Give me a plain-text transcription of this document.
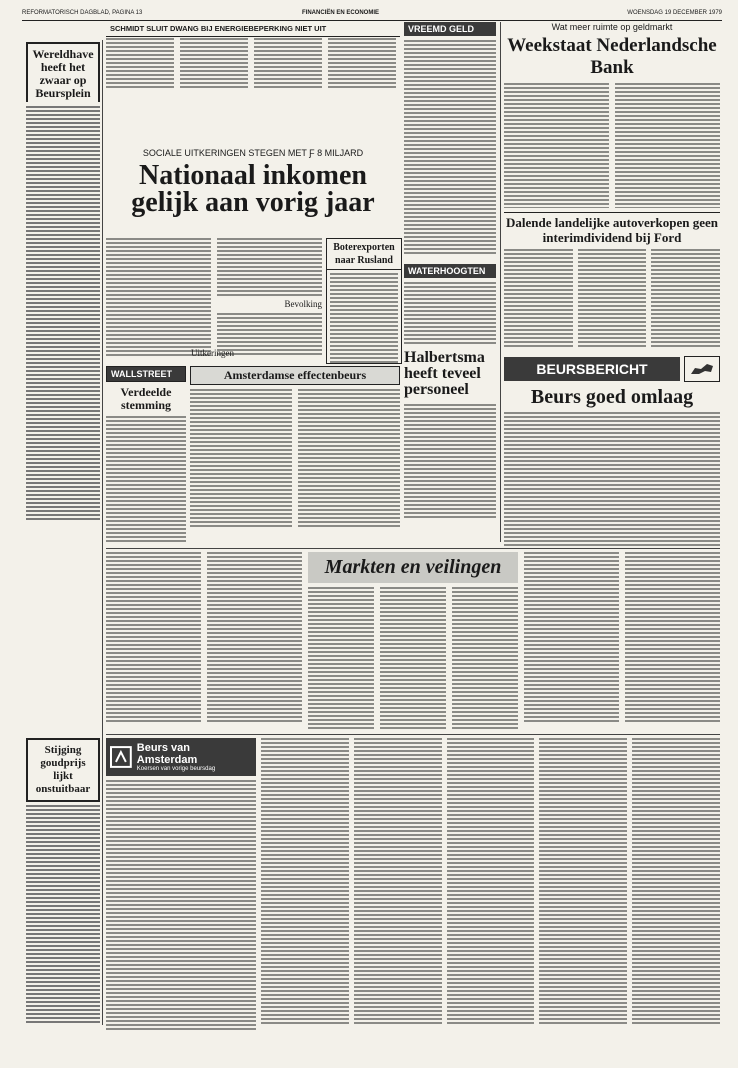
REFORMATORISCH DAGBLAD, PAGINA 13	FINANCIËN EN ECONOMIE	WOENSDAG 19 DECEMBER 1979
Wereldhave heeft het zwaar op Beursplein
Stijging goudprijs lijkt onstuitbaar
SCHMIDT SLUIT DWANG BIJ ENERGIEBEPERKING NIET UIT
SOCIALE UITKERINGEN STEGEN MET Ƒ 8 MILJARD
Nationaal inkomen gelijk aan vorig jaar
Bevolking
Uitkeringen
Boterexporten naar Rusland
WALLSTREET
Verdeelde stemming
Amsterdamse effectenbeurs
VREEMD GELD
WATERHOOGTEN
Halbertsma heeft teveel personeel
Wat meer ruimte op geldmarkt
Weekstaat Nederlandsche Bank
Dalende landelijke autoverkopen geen interimdividend bij Ford
BEURSBERICHT
Beurs goed omlaag
Markten en veilingen
Beurs van Amsterdam
Koersen van vorige beursdag
